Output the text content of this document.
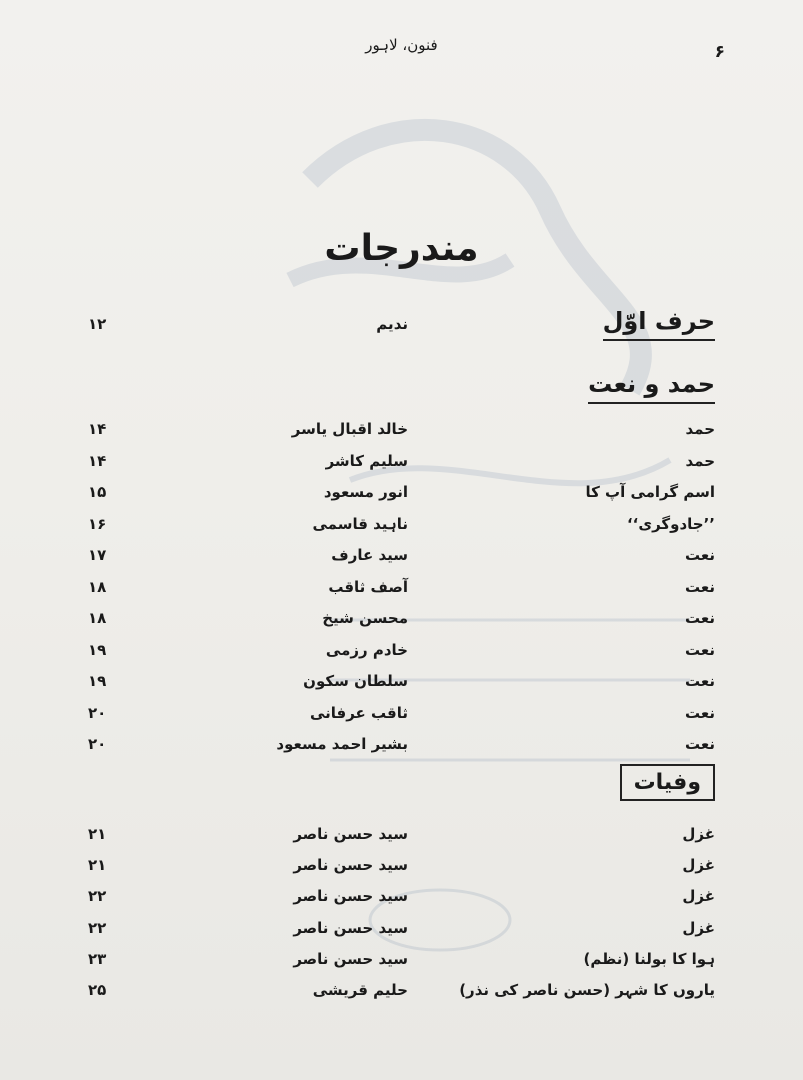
فنون، لاہور	۶
مندرجات
حرف اوّل
ندیم
۱۲
حمد و نعت
حمد
خالد اقبال یاسر
۱۴
حمد
سلیم کاشر
۱۴
اسم گرامی آپ کا
انور مسعود
۱۵
’’جادوگری‘‘
ناہید قاسمی
۱۶
نعت
سید عارف
۱۷
نعت
آصف ثاقب
۱۸
نعت
محسن شیخ
۱۸
نعت
خادم رزمی
۱۹
نعت
سلطان سکون
۱۹
نعت
ثاقب عرفانی
۲۰
نعت
بشیر احمد مسعود
۲۰
وفیات
غزل
سید حسن ناصر
۲۱
غزل
سید حسن ناصر
۲۱
غزل
سید حسن ناصر
۲۲
غزل
سید حسن ناصر
۲۲
ہوا کا بولنا (نظم)
سید حسن ناصر
۲۳
یاروں کا شہر (حسن ناصر کی نذر)
حلیم قریشی
۲۵
